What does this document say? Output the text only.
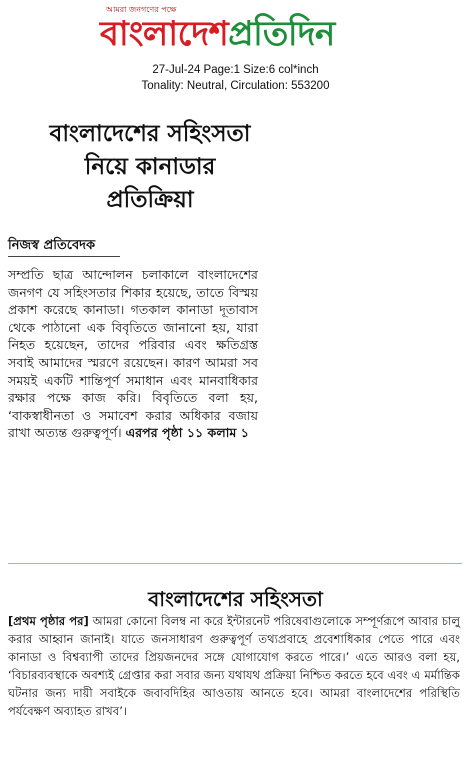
আমরা জনগণের পক্ষে
বাংলাদেশপ্রতিদিন
27-Jul-24 Page:1 Size:6 col*inch
Tonality: Neutral, Circulation: 553200
বাংলাদেশের সহিংসতা
নিয়ে কানাডার
প্রতিক্রিয়া
নিজস্ব প্রতিবেদক
সম্প্রতি ছাত্র আন্দোলন চলাকালে বাংলাদেশের জনগণ যে সহিংসতার শিকার হয়েছে, তাতে বিস্ময় প্রকাশ করেছে কানাডা। গতকাল কানাডা দূতাবাস থেকে পাঠানো এক বিবৃতিতে জানানো হয়, যারা নিহত হয়েছেন, তাদের পরিবার এবং ক্ষতিগ্রস্ত সবাই আমাদের স্মরণে রয়েছেন। কারণ আমরা সব সময়ই একটি শান্তিপূর্ণ সমাধান এবং মানবাধিকার রক্ষার পক্ষে কাজ করি। বিবৃতিতে বলা হয়, ‘বাকস্বাধীনতা ও সমাবেশ করার অধিকার বজায় রাখা অত্যন্ত গুরুত্বপূর্ণ। এরপর পৃষ্ঠা ১১ কলাম ১
বাংলাদেশের সহিংসতা
[প্রথম পৃষ্ঠার পর] আমরা কোনো বিলম্ব না করে ইন্টারনেট পরিষেবাগুলোকে সম্পূর্ণরূপে আবার চালু করার আহ্বান জানাই। যাতে জনসাধারণ গুরুত্বপূর্ণ তথ্যপ্রবাহে প্রবেশাধিকার পেতে পারে এবং কানাডা ও বিশ্বব্যাপী তাদের প্রিয়জনদের সঙ্গে যোগাযোগ করতে পারে।’ এতে আরও বলা হয়, ‘বিচারব্যবস্থাকে অবশ্যই গ্রেপ্তার করা সবার জন্য যথাযথ প্রক্রিয়া নিশ্চিত করতে হবে এবং এ মর্মান্তিক ঘটনার জন্য দায়ী সবাইকে জবাবদিহির আওতায় আনতে হবে। আমরা বাংলাদেশের পরিস্থিতি পর্যবেক্ষণ অব্যাহত রাখব’।
